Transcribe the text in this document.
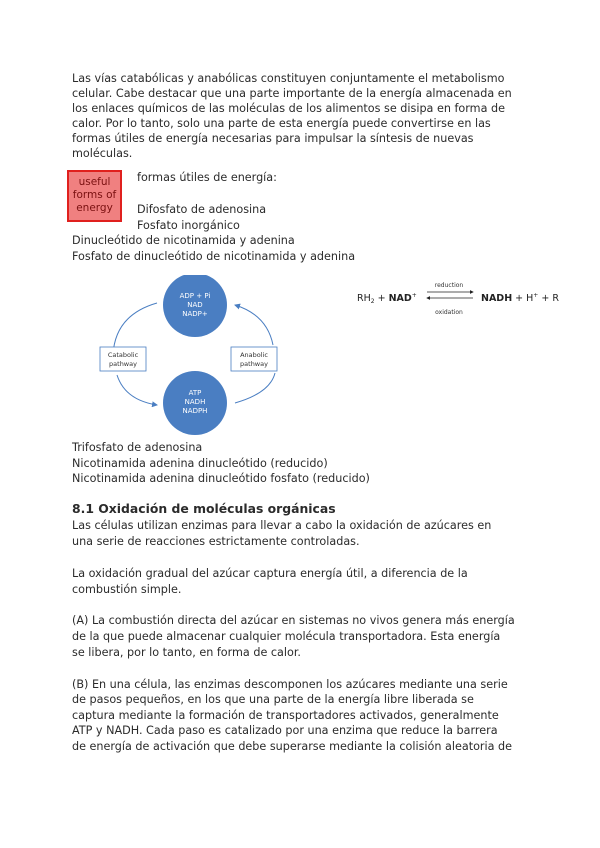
Las vías catabólicas y anabólicas constituyen conjuntamente el metabolismo
celular. Cabe destacar que una parte importante de la energía almacenada en
los enlaces químicos de las moléculas de los alimentos se disipa en forma de
calor. Por lo tanto, solo una parte de esta energía puede convertirse en las
formas útiles de energía necesarias para impulsar la síntesis de nuevas
moléculas.
useful
forms of
energy
formas útiles de energía:
Difosfato de adenosina
Fosfato inorgánico
Dinucleótido de nicotinamida y adenina
Fosfato de dinucleótido de nicotinamida y adenina
ADP + Pi
NAD
NADP+
ATP
NADH
NADPH
Catabolic
pathway
Anabolic
pathway
$RH_2 + NAD^+$
reduction
oxidation
NADH + H+ + R
Trifosfato de adenosina
Nicotinamida adenina dinucleótido (reducido)
Nicotinamida adenina dinucleótido fosfato (reducido)
8.1 Oxidación de moléculas orgánicas
Las células utilizan enzimas para llevar a cabo la oxidación de azúcares en
una serie de reacciones estrictamente controladas.
La oxidación gradual del azúcar captura energía útil, a diferencia de la
combustión simple.
(A) La combustión directa del azúcar en sistemas no vivos genera más energía
de la que puede almacenar cualquier molécula transportadora. Esta energía
se libera, por lo tanto, en forma de calor.
(B) En una célula, las enzimas descomponen los azúcares mediante una serie
de pasos pequeños, en los que una parte de la energía libre liberada se
captura mediante la formación de transportadores activados, generalmente
ATP y NADH. Cada paso es catalizado por una enzima que reduce la barrera
de energía de activación que debe superarse mediante la colisión aleatoria de
